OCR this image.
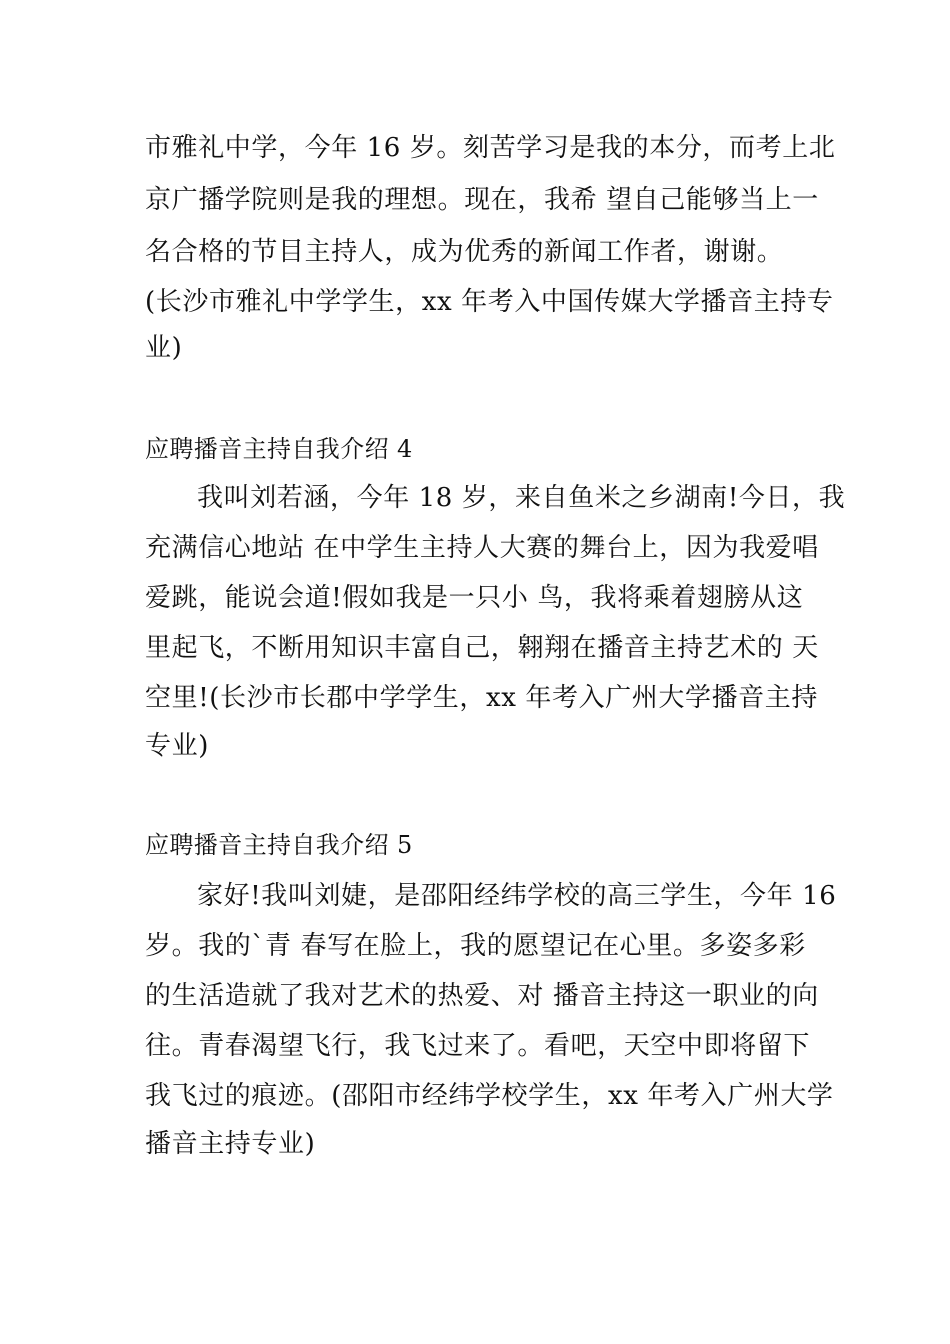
市雅礼中学，今年 16 岁。刻苦学习是我的本分，而考上北
京广播学院则是我的理想。现在，我希 望自己能够当上一
名合格的节目主持人，成为优秀的新闻工作者，谢谢。
(长沙市雅礼中学学生，xx 年考入中国传媒大学播音主持专
业)
应聘播音主持自我介绍 4
我叫刘若涵，今年 18 岁，来自鱼米之乡湖南!今日，我
充满信心地站 在中学生主持人大赛的舞台上，因为我爱唱
爱跳，能说会道!假如我是一只小 鸟，我将乘着翅膀从这
里起飞，不断用知识丰富自己，翱翔在播音主持艺术的 天
空里!(长沙市长郡中学学生，xx 年考入广州大学播音主持
专业)
应聘播音主持自我介绍 5
家好!我叫刘婕，是邵阳经纬学校的高三学生，今年 16
岁。我的`青 春写在脸上，我的愿望记在心里。多姿多彩
的生活造就了我对艺术的热爱、对 播音主持这一职业的向
往。青春渴望飞行，我飞过来了。看吧，天空中即将留下
我飞过的痕迹。(邵阳市经纬学校学生，xx 年考入广州大学
播音主持专业)
